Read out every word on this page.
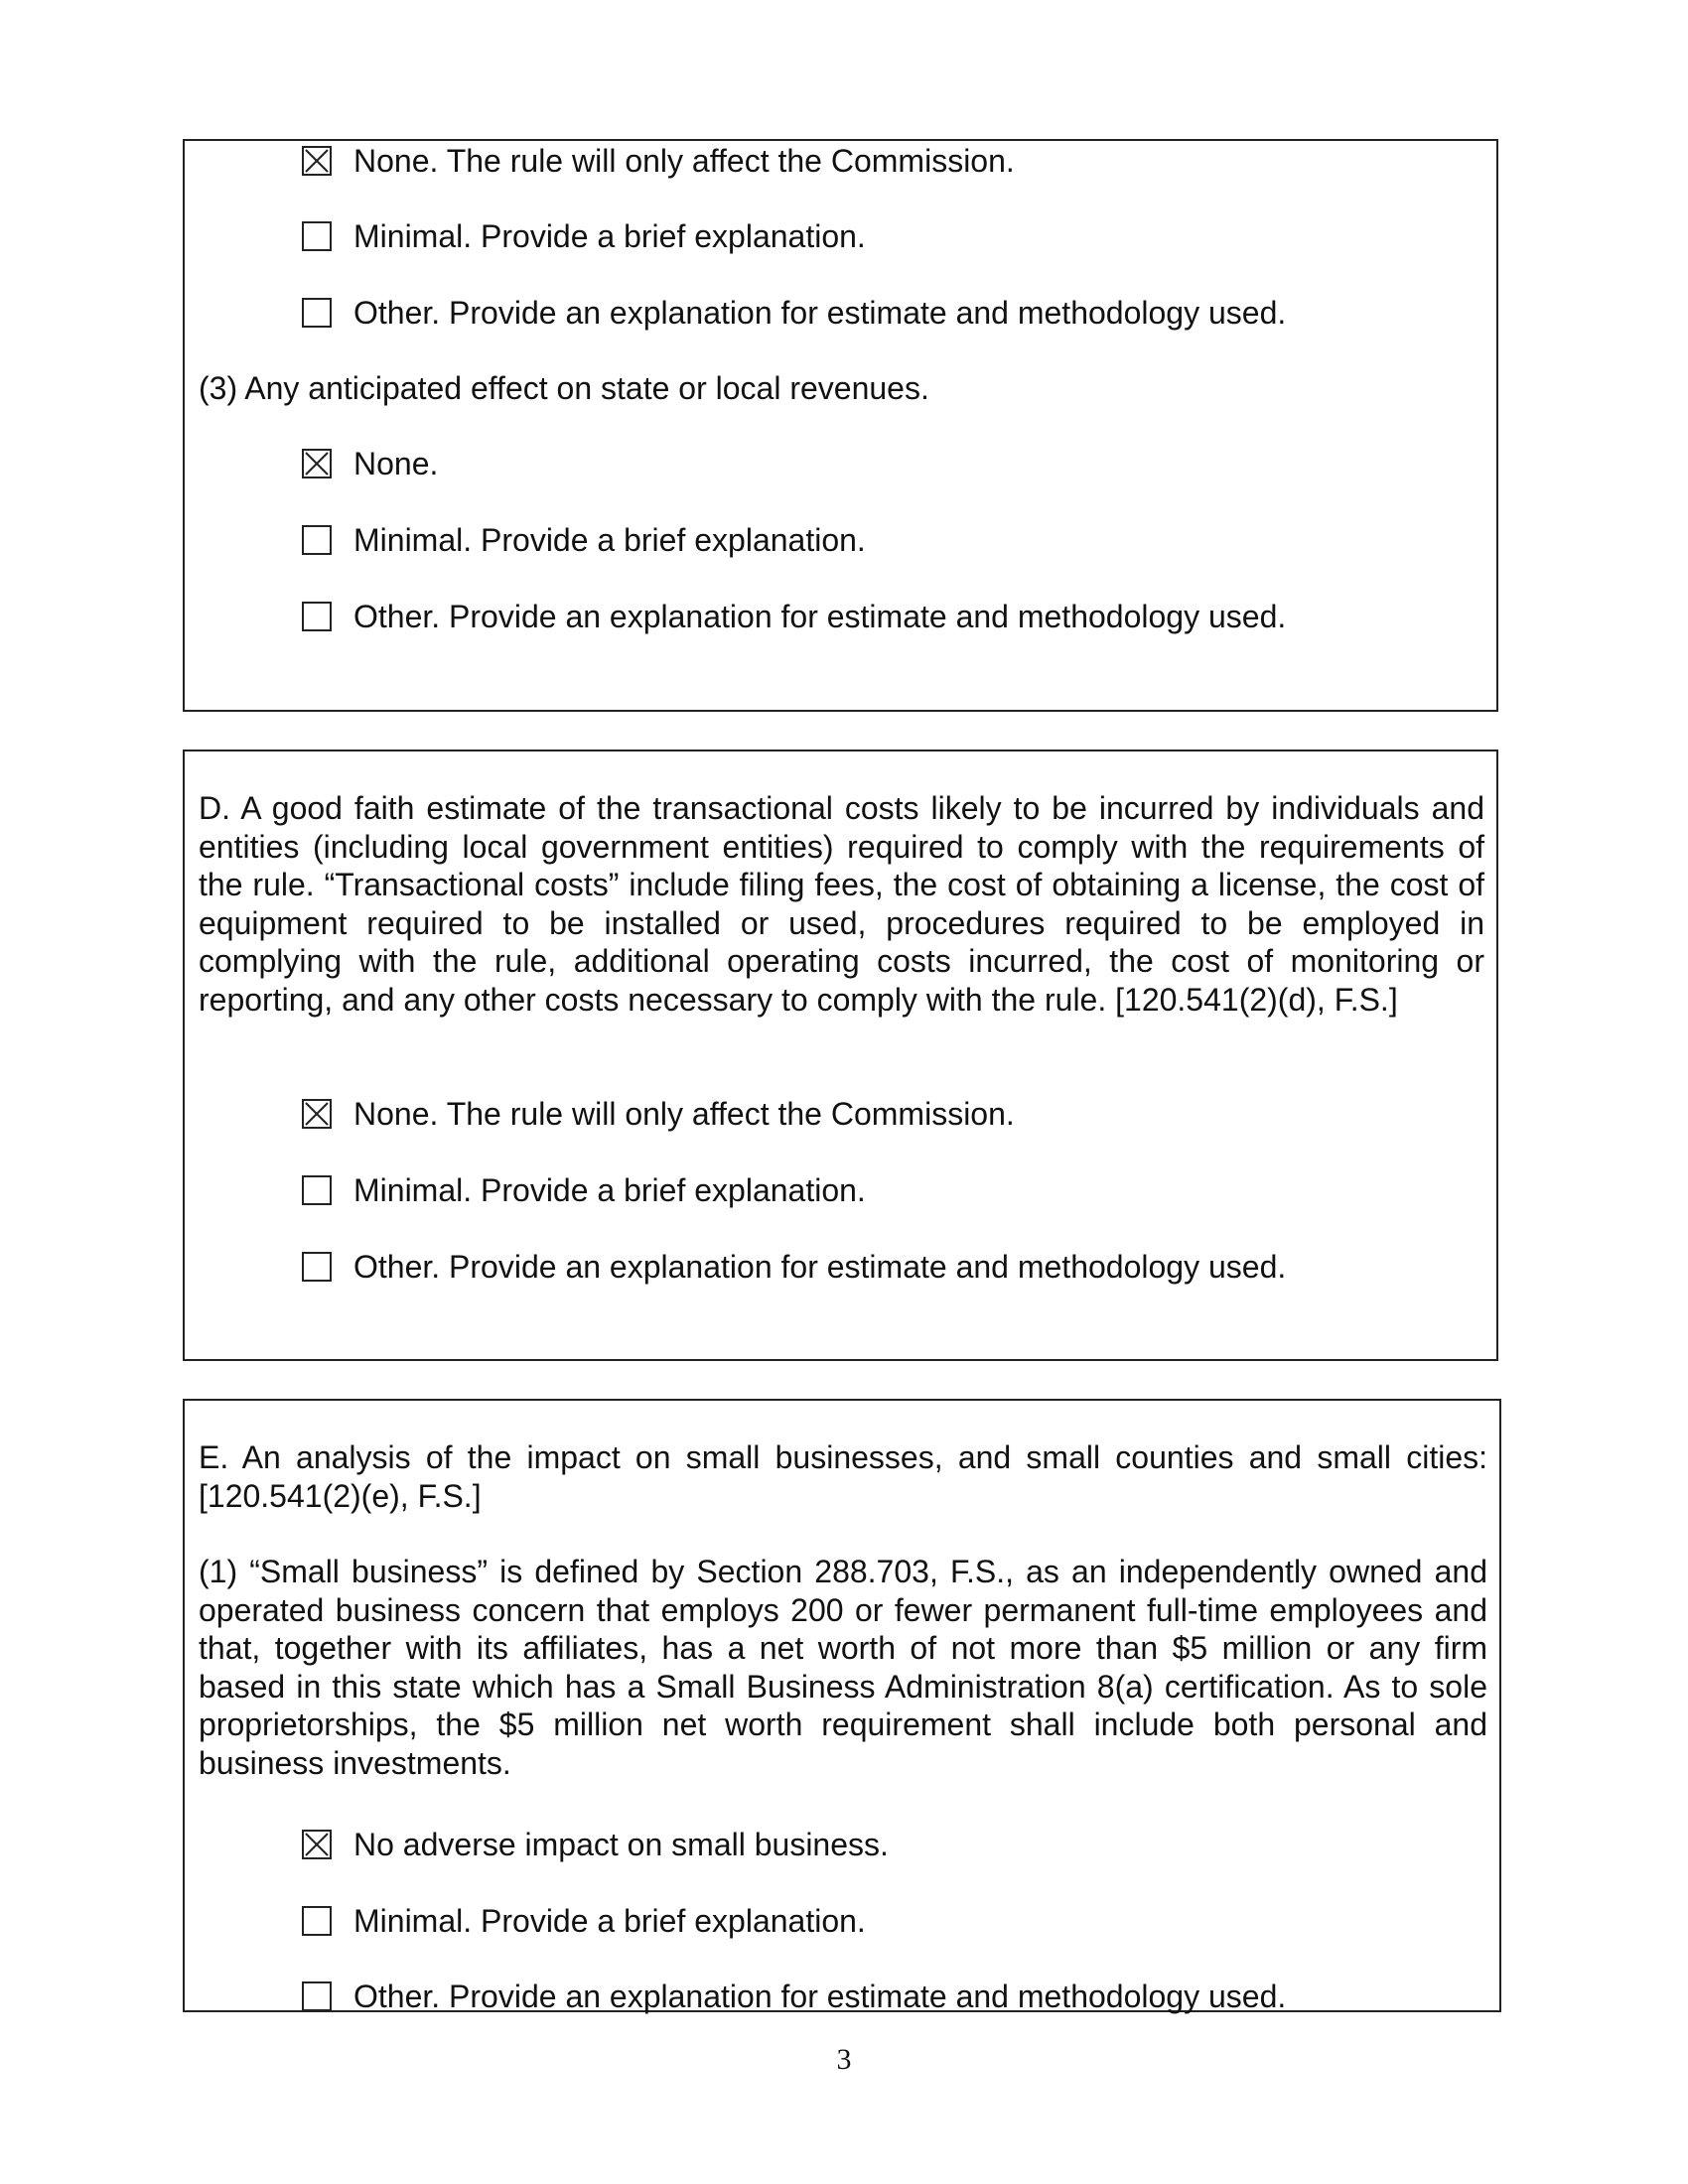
None. The rule will only affect the Commission.
Minimal. Provide a brief explanation.
Other. Provide an explanation for estimate and methodology used.
(3) Any anticipated effect on state or local revenues.
None.
Minimal. Provide a brief explanation.
Other. Provide an explanation for estimate and methodology used.
D. A good faith estimate of the transactional costs likely to be incurred by individuals and entities (including local government entities) required to comply with the requirements of the rule. “Transactional costs” include filing fees, the cost of obtaining a license, the cost of equipment required to be installed or used, procedures required to be employed in complying with the rule, additional operating costs incurred, the cost of monitoring or reporting, and any other costs necessary to comply with the rule. [120.541(2)(d), F.S.]
None. The rule will only affect the Commission.
Minimal. Provide a brief explanation.
Other. Provide an explanation for estimate and methodology used.
E. An analysis of the impact on small businesses, and small counties and small cities: [120.541(2)(e), F.S.]
(1) “Small business” is defined by Section 288.703, F.S., as an independently owned and operated business concern that employs 200 or fewer permanent full-time employees and that, together with its affiliates, has a net worth of not more than $5 million or any firm based in this state which has a Small Business Administration 8(a) certification. As to sole proprietorships, the $5 million net worth requirement shall include both personal and business investments.
No adverse impact on small business.
Minimal. Provide a brief explanation.
Other. Provide an explanation for estimate and methodology used.
3
